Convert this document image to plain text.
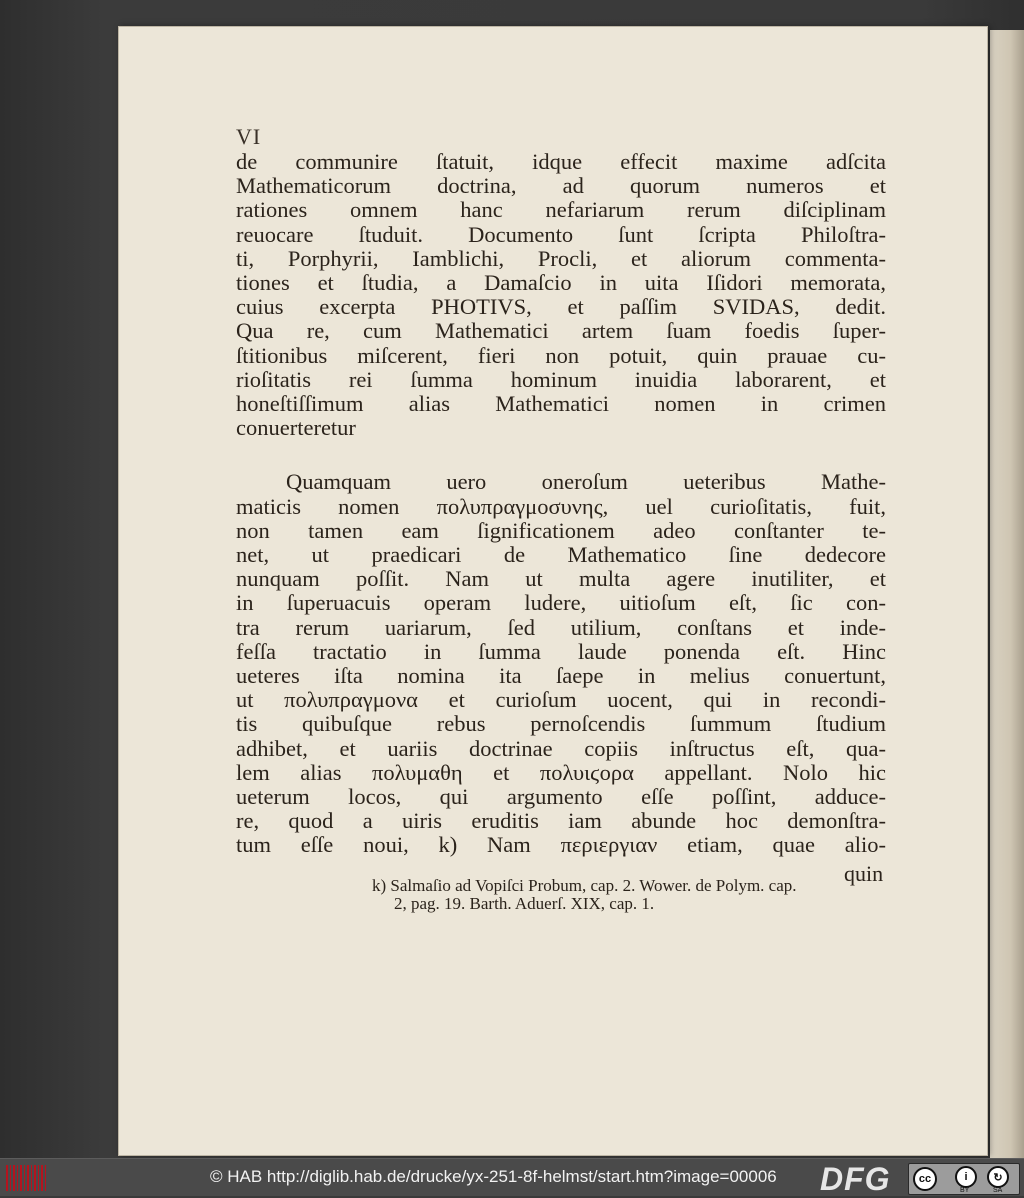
VI
de communire ſtatuit, idque effecit maxime adſcita
Mathematicorum doctrina, ad quorum numeros et
rationes omnem hanc nefariarum rerum diſciplinam
reuocare ſtuduit. Documento ſunt ſcripta Philoſtra-
ti, Porphyrii, Iamblichi, Procli, et aliorum commenta-
tiones et ſtudia, a Damaſcio in uita Iſidori memorata,
cuius excerpta PHOTIVS, et paſſim SVIDAS, dedit.
Qua re, cum Mathematici artem ſuam foedis ſuper-
ſtitionibus miſcerent, fieri non potuit, quin prauae cu-
rioſitatis rei ſumma hominum inuidia laborarent, et
honeſtiſſimum alias Mathematici nomen in crimen
conuerteretur
Quamquam uero oneroſum ueteribus Mathe-
maticis nomen πολυπραγμοσυνης, uel curioſitatis, fuit,
non tamen eam ſignificationem adeo conſtanter te-
net, ut praedicari de Mathematico ſine dedecore
nunquam poſſit. Nam ut multa agere inutiliter, et
in ſuperuacuis operam ludere, uitioſum eſt, ſic con-
tra rerum uariarum, ſed utilium, conſtans et inde-
feſſa tractatio in ſumma laude ponenda eſt. Hinc
ueteres iſta nomina ita ſaepe in melius conuertunt,
ut πολυπραγμονα et curioſum uocent, qui in recondi-
tis quibuſque rebus pernoſcendis ſummum ſtudium
adhibet, et uariis doctrinae copiis inſtructus eſt, qua-
lem alias πολυμαθη et πολυιϛορα appellant. Nolo hic
ueterum locos, qui argumento eſſe poſſint, adduce-
re, quod a uiris eruditis iam abunde hoc demonſtra-
tum eſſe noui, k) Nam περιεργιαν etiam, quae alio-
quin
k) Salmaſio ad Vopiſci Probum, cap. 2. Wower. de Polym. cap.
2, pag. 19. Barth. Aduerſ. XIX, cap. 1.
© HAB http://diglib.hab.de/drucke/yx-251-8f-helmst/start.htm?image=00006 DFG	cc	i	↻
BY	SA
